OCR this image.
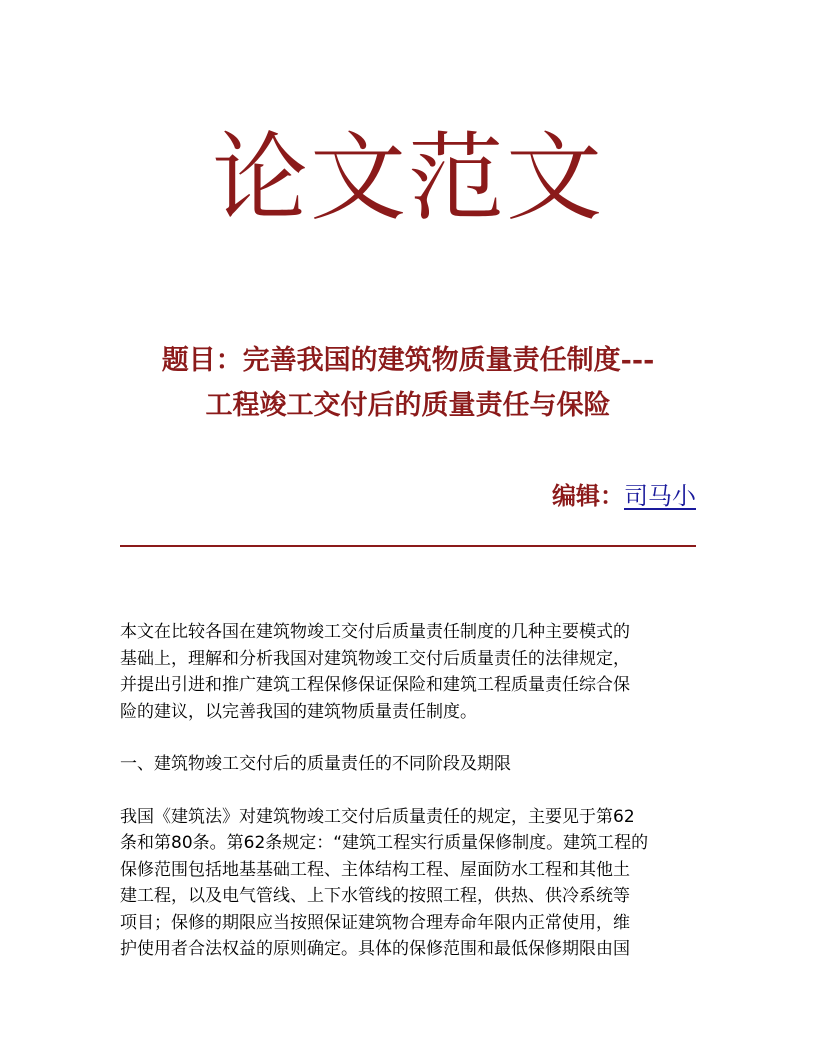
论文范文
题目：完善我国的建筑物质量责任制度---
工程竣工交付后的质量责任与保险
编辑：司马小
本文在比较各国在建筑物竣工交付后质量责任制度的几种主要模式的
基础上，理解和分析我国对建筑物竣工交付后质量责任的法律规定，
并提出引进和推广建筑工程保修保证保险和建筑工程质量责任综合保
险的建议，以完善我国的建筑物质量责任制度。
一、建筑物竣工交付后的质量责任的不同阶段及期限
我国《建筑法》对建筑物竣工交付后质量责任的规定，主要见于第62
条和第80条。第62条规定：“建筑工程实行质量保修制度。建筑工程的
保修范围包括地基基础工程、主体结构工程、屋面防水工程和其他土
建工程，以及电气管线、上下水管线的按照工程，供热、供冷系统等
项目；保修的期限应当按照保证建筑物合理寿命年限内正常使用，维
护使用者合法权益的原则确定。具体的保修范围和最低保修期限由国
